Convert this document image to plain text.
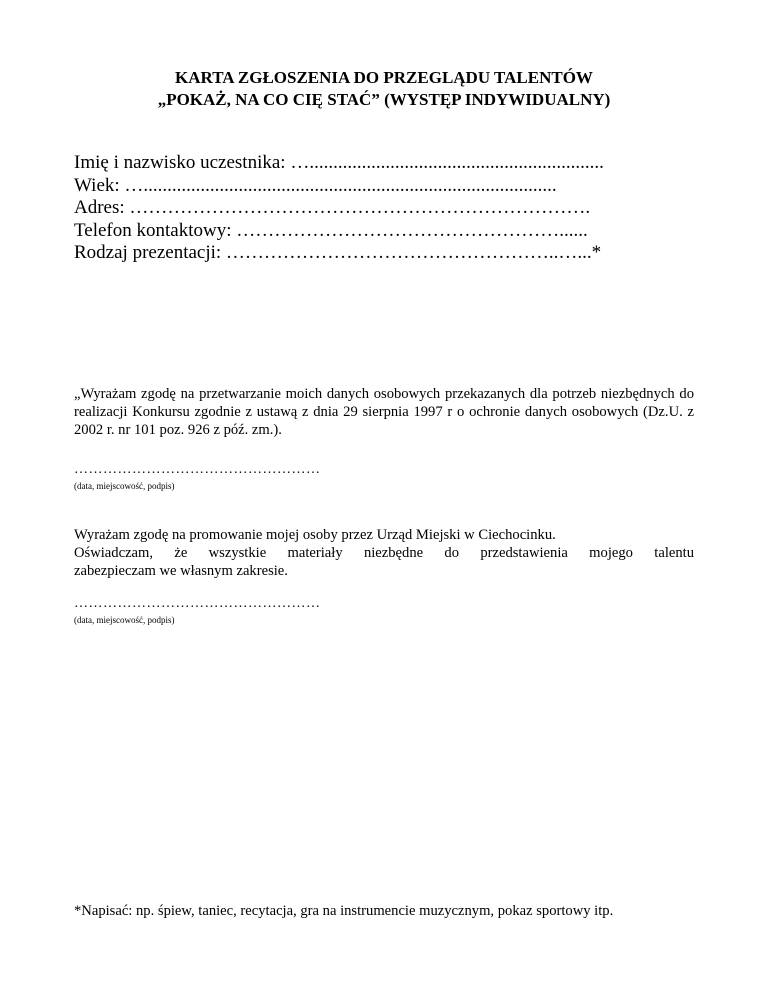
KARTA ZGŁOSZENIA DO PRZEGLĄDU TALENTÓW
„POKAŻ, NA CO CIĘ STAĆ” (WYSTĘP INDYWIDUALNY)
Imię i nazwisko uczestnika: …..............................................................
Wiek: ….......................................................................................
Adres: ……………………………………………………………….
Telefon kontaktowy: ……………………………………………......
Rodzaj prezentacji: ……………………………………………..…...*

„Wyrażam zgodę na przetwarzanie moich danych osobowych przekazanych dla potrzeb niezbędnych do realizacji Konkursu zgodnie z ustawą z dnia 29 sierpnia 1997 r o ochronie danych osobowych (Dz.U. z 2002 r. nr 101 poz. 926 z póź. zm.).

……………………………………………
(data, miejscowość, podpis)

Wyrażam zgodę na promowanie mojej osoby przez Urząd Miejski w Ciechocinku.

Oświadczam, że wszystkie materiały niezbędne do przedstawienia mojego talentu

zabezpieczam we własnym zakresie.

……………………………………………
(data, miejscowość, podpis)
*Napisać: np. śpiew, taniec, recytacja, gra na instrumencie muzycznym, pokaz sportowy itp.
